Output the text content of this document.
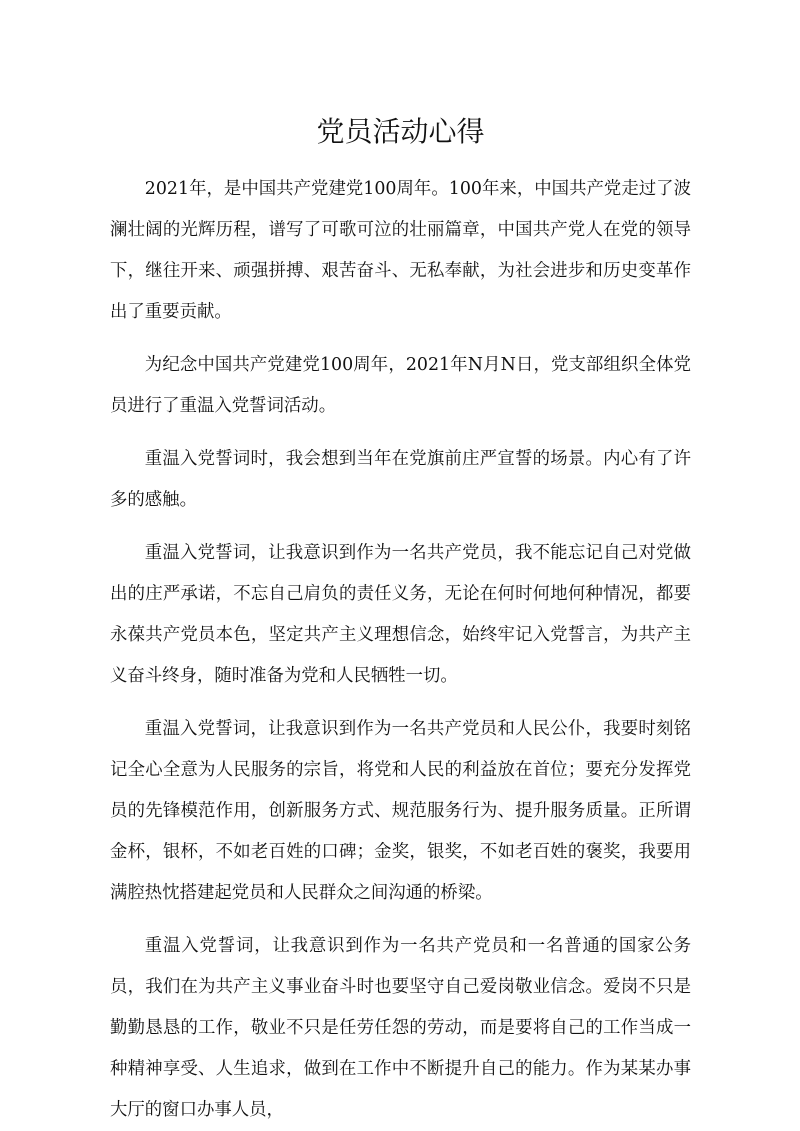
党员活动心得

2021年，是中国共产党建党100周年。100年来，中国共产党走过了波澜壮阔的光辉历程，谱写了可歌可泣的壮丽篇章，中国共产党人在党的领导下，继往开来、顽强拼搏、艰苦奋斗、无私奉献，为社会进步和历史变革作出了重要贡献。

为纪念中国共产党建党100周年，2021年N月N日，党支部组织全体党员进行了重温入党誓词活动。

重温入党誓词时，我会想到当年在党旗前庄严宣誓的场景。内心有了许多的感触。

重温入党誓词，让我意识到作为一名共产党员，我不能忘记自己对党做出的庄严承诺，不忘自己肩负的责任义务，无论在何时何地何种情况，都要永葆共产党员本色，坚定共产主义理想信念，始终牢记入党誓言，为共产主义奋斗终身，随时准备为党和人民牺牲一切。

重温入党誓词，让我意识到作为一名共产党员和人民公仆，我要时刻铭记全心全意为人民服务的宗旨，将党和人民的利益放在首位；要充分发挥党员的先锋模范作用，创新服务方式、规范服务行为、提升服务质量。正所谓金杯，银杯，不如老百姓的口碑；金奖，银奖，不如老百姓的褒奖，我要用满腔热忱搭建起党员和人民群众之间沟通的桥梁。

重温入党誓词，让我意识到作为一名共产党员和一名普通的国家公务员，我们在为共产主义事业奋斗时也要坚守自己爱岗敬业信念。爱岗不只是勤勤恳恳的工作，敬业不只是任劳任怨的劳动，而是要将自己的工作当成一种精神享受、人生追求，做到在工作中不断提升自己的能力。作为某某办事大厅的窗口办事人员，
